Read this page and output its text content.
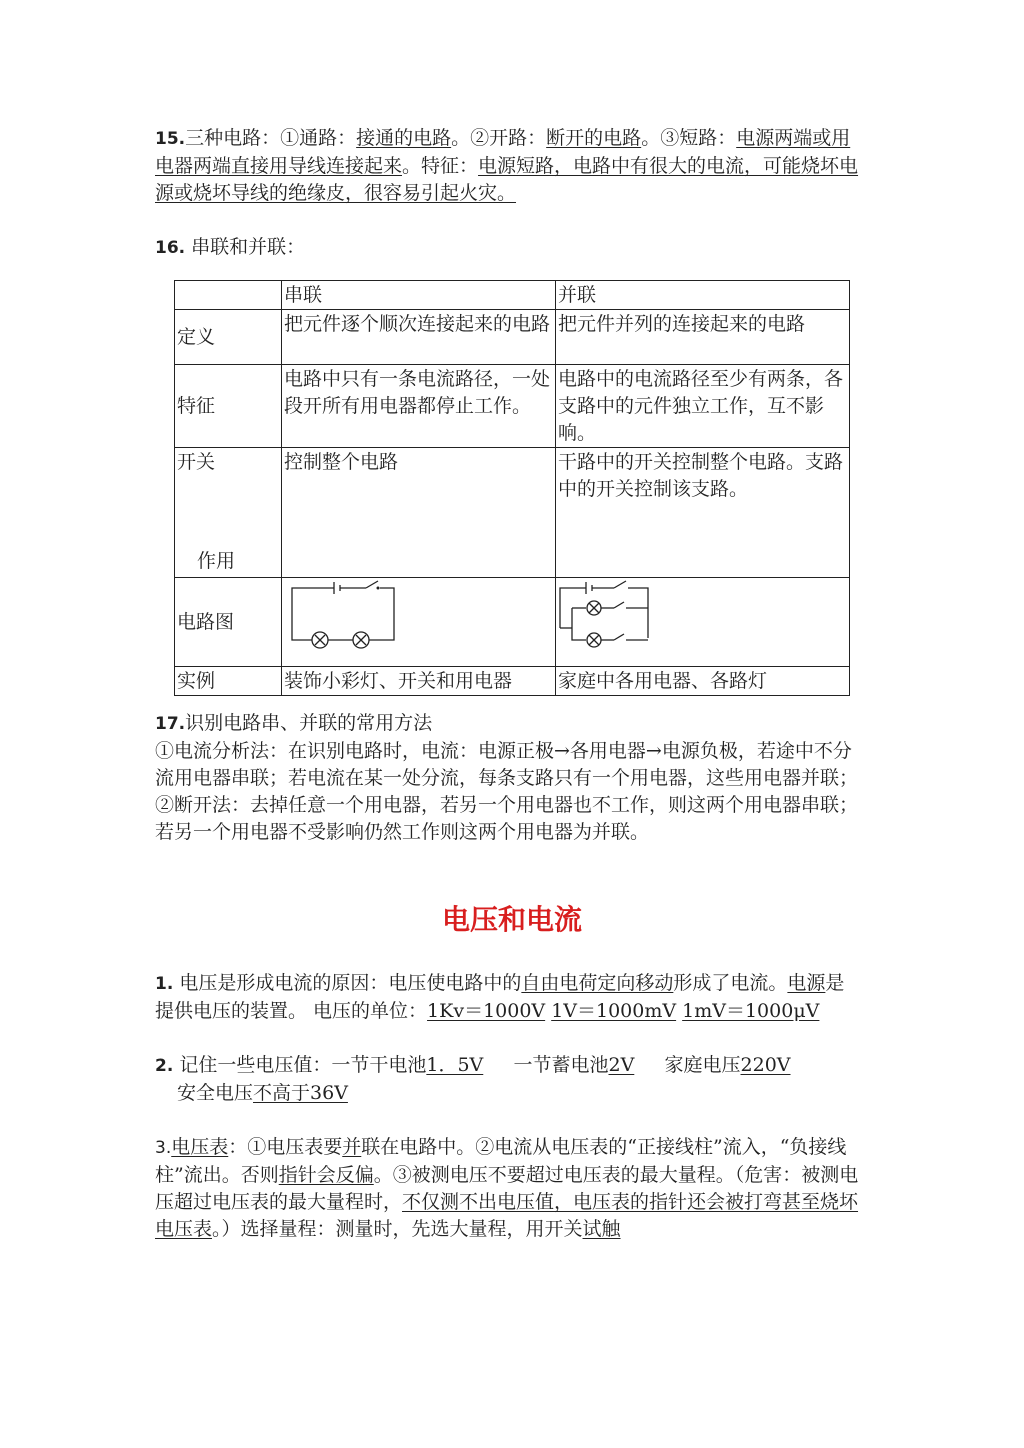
15.三种电路：①通路：接通的电路。②开路：断开的电路。③短路：电源两端或用电器两端直接用导线连接起来。特征：电源短路，电路中有很大的电流，可能烧坏电源或烧坏导线的绝缘皮，很容易引起火灾。

16. 串联和并联：

	串联	并联
定义	把元件逐个顺次连接起来的电路	把元件并列的连接起来的电路
特征	电路中只有一条电流路径，一处段开所有用电器都停止工作。	电路中的电流路径至少有两条，各支路中的元件独立工作，互不影响。

开关
作用	控制整个电路	干路中的开关控制整个电路。支路中的开关控制该支路。
电路图		
实例	装饰小彩灯、开关和用电器	家庭中各用电器、各路灯

17.识别电路串、并联的常用方法

①电流分析法：在识别电路时，电流：电源正极→各用电器→电源负极，若途中不分流用电器串联；若电流在某一处分流，每条支路只有一个用电器，这些用电器并联；②断开法：去掉任意一个用电器，若另一个用电器也不工作，则这两个用电器串联；若另一个用电器不受影响仍然工作则这两个用电器为并联。

电压和电流

1. 电压是形成电流的原因：电压使电路中的自由电荷定向移动形成了电流。电源是提供电压的装置。 电压的单位：1Kv＝1000V 1V＝1000mV 1mV＝1000μV

2. 记住一些电压值：一节干电池1．5V 一节蓄电池2V 家庭电压220V

安全电压不高于36V

3.电压表：①电压表要并联在电路中。②电流从电压表的“正接线柱”流入，“负接线柱”流出。否则指针会反偏。③被测电压不要超过电压表的最大量程。（危害：被测电压超过电压表的最大量程时，不仅测不出电压值，电压表的指针还会被打弯甚至烧坏电压表。）选择量程：测量时，先选大量程，用开关试触
